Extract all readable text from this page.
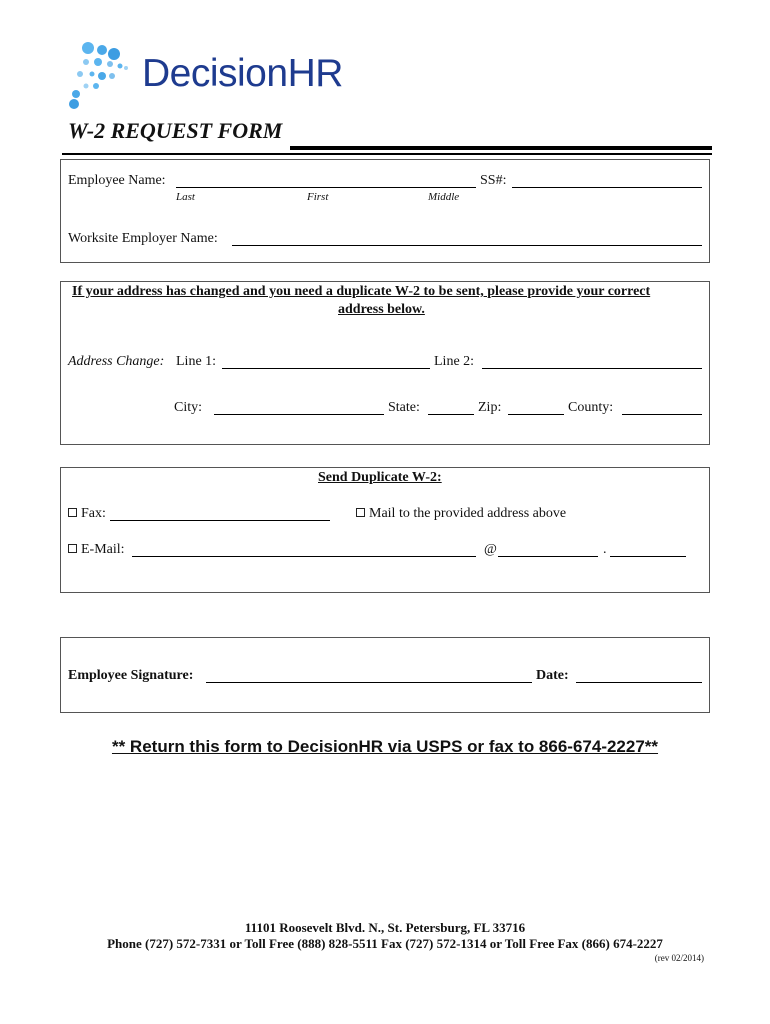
DecisionHR
W-2 REQUEST FORM
Employee Name:	SS#:
Last	First	Middle
Worksite Employer Name:
If your address has changed and you need a duplicate W-2 to be sent, please provide your correct
address below.
Address Change: Line 1:	Line 2:
City:	State:	Zip:	County:
Send Duplicate W-2:
Fax:	Mail to the provided address above
E-Mail:	@	.
Employee Signature:	Date:
** Return this form to DecisionHR via USPS or fax to 866-674-2227**
11101 Roosevelt Blvd. N., St. Petersburg, FL 33716
Phone (727) 572-7331 or Toll Free (888) 828-5511 Fax (727) 572-1314 or Toll Free Fax (866) 674-2227
(rev 02/2014)
